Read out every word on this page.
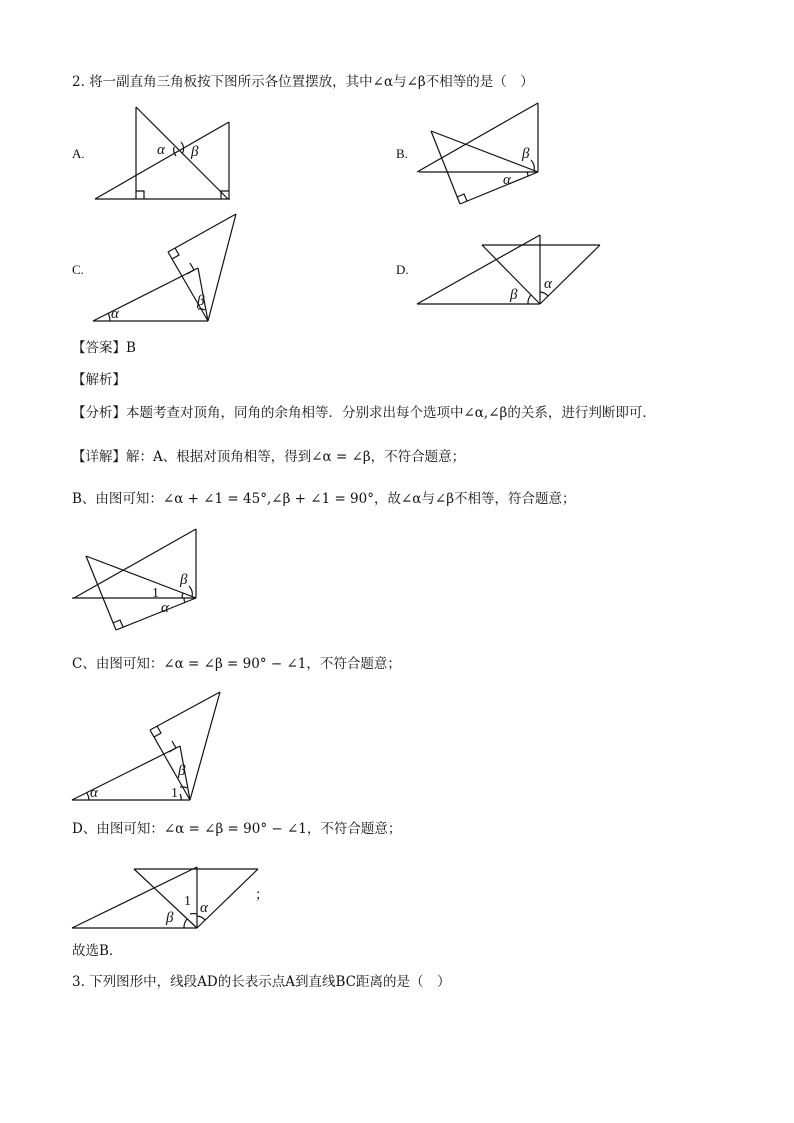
2. 将一副直角三角板按下图所示各位置摆放，其中∠α与∠β不相等的是（　）
A.	α β	B.	β
α
C.
α
β
D.
β
α
【答案】B
【解析】
【分析】本题考查对顶角，同角的余角相等．分别求出每个选项中∠α,∠β的关系，进行判断即可．
【详解】解：A、根据对顶角相等，得到∠α = ∠β，不符合题意；
B、由图可知：∠α + ∠1 = 45°,∠β + ∠1 = 90°，故∠α与∠β不相等，符合题意；
β
1
α
C、由图可知：∠α = ∠β = 90° − ∠1，不符合题意；
α
β
1
D、由图可知：∠α = ∠β = 90° − ∠1，不符合题意；
β
1 α
；
故选B．
3. 下列图形中，线段AD的长表示点A到直线BC距离的是（　）
